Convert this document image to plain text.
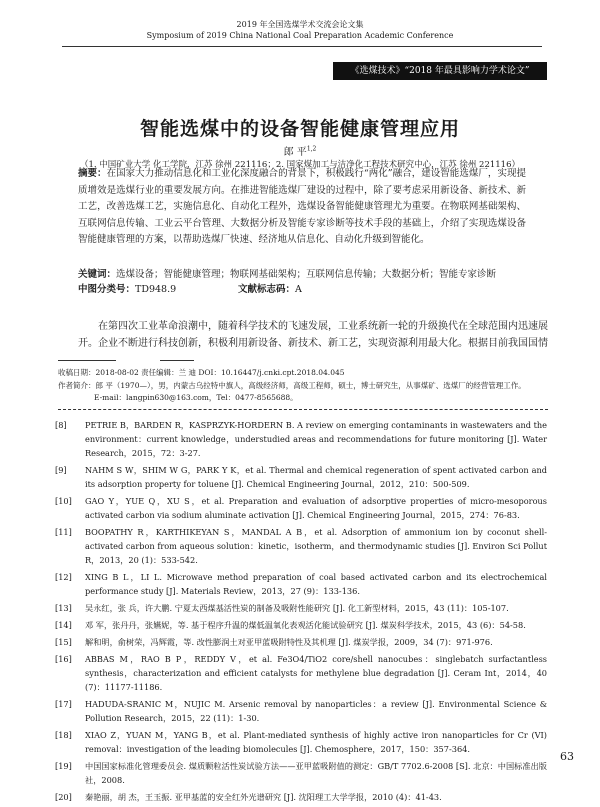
2019 年全国选煤学术交流会论文集
Symposium of 2019 China National Coal Preparation Academic Conference
《选煤技术》“2018 年最具影响力学术论文”
智能选煤中的设备智能健康管理应用
郎 平$^{1,2}$
（1. 中国矿业大学 化工学院，江苏 徐州 221116；2. 国家煤加工与洁净化工程技术研究中心，江苏 徐州 221116）
摘要：在国家大力推动信息化和工业化深度融合的背景下，积极践行“两化”融合，建设智能选煤厂，实现提质增效是选煤行业的重要发展方向。在推进智能选煤厂建设的过程中，除了要考虑采用新设备、新技术、新工艺，改善选煤工艺，实施信息化、自动化工程外，选煤设备智能健康管理尤为重要。在物联网基础架构、互联网信息传输、工业云平台管理、大数据分析及智能专家诊断等技术手段的基础上，介绍了实现选煤设备智能健康管理的方案，以帮助选煤厂快速、经济地从信息化、自动化升级到智能化。
关键词：选煤设备；智能健康管理；物联网基础架构；互联网信息传输；大数据分析；智能专家诊断
中图分类号：TD948.9	文献标志码：A
在第四次工业革命浪潮中，随着科学技术的飞速发展，工业系统新一轮的升级换代在全球范围内迅速展开。企业不断进行科技创新，积极利用新设备、新技术、新工艺，实现资源利用最大化。根据目前我国国情
收稿日期：2018-08-02 责任编辑：兰 迪 DOI：10.16447/j.cnki.cpt.2018.04.045
作者简介：郎 平（1970—），男，内蒙古乌拉特中旗人，高级经济师，高级工程师，硕士，博士研究生，从事煤矿、选煤厂的经营管理工作。
E-mail：langpin630@163.com，Tel：0477-8565688。
[8]	PETRIE B，BARDEN R，KASPRZYK-HORDERN B. A review on emerging contaminants in wastewaters and the environment：current knowledge，understudied areas and recommendations for future monitoring [J]. Water Research，2015，72：3-27.
[9]	NAHM S W，SHIM W G，PARK Y K，et al. Thermal and chemical regeneration of spent activated carbon and its adsorption property for toluene [J]. Chemical Engineering Journal，2012，210：500-509.
[10]	GAO Y，YUE Q，XU S，et al. Preparation and evaluation of adsorptive properties of micro-mesoporous activated carbon via sodium aluminate activation [J]. Chemical Engineering Journal，2015，274：76-83.
[11]	BOOPATHY R，KARTHIKEYAN S，MANDAL A B，et al. Adsorption of ammonium ion by coconut shell-activated carbon from aqueous solution：kinetic，isotherm，and thermodynamic studies [J]. Environ Sci Pollut R，2013，20 (1)：533-542.
[12]	XING B L，LI L. Microwave method preparation of coal based activated carbon and its electrochemical performance study [J]. Materials Review，2013，27 (9)：133-136.
[13]	吴永红，张 兵，许大鹏. 宁夏太西煤基活性炭的制备及吸附性能研究 [J]. 化工新型材料，2015，43 (11)：105-107.
[14]	邓 军，张丹丹，张嬿妮，等. 基于程序升温的煤低温氧化表观活化能试验研究 [J]. 煤炭科学技术，2015，43 (6)：54-58.
[15]	解和明，俞树荣，冯辉霞，等. 改性膨润土对亚甲蓝吸附特性及其机理 [J]. 煤炭学报，2009，34 (7)：971-976.
[16]	ABBAS M，RAO B P，REDDY V，et al. Fe3O4/TiO2 core/shell nanocubes：singlebatch surfactantless synthesis，characterization and efficient catalysts for methylene blue degradation [J]. Ceram Int，2014，40 (7)：11177-11186.
[17]	HADUDA-SRANIC M，NUJIC M. Arsenic removal by nanoparticles：a review [J]. Environmental Science & Pollution Research，2015，22 (11)：1-30.
[18]	XIAO Z，YUAN M，YANG B，et al. Plant-mediated synthesis of highly active iron nanoparticles for Cr (VI) removal：investigation of the leading biomolecules [J]. Chemosphere，2017，150：357-364.
[19]	中国国家标准化管理委员会. 煤质颗粒活性炭试验方法——亚甲蓝吸附值的测定：GB/T 7702.6-2008 [S]. 北京：中国标准出版社，2008.
[20]	秦艳丽，胡 杰，王玉振. 亚甲基蓝的安全红外光谱研究 [J]. 沈阳理工大学学报，2010 (4)：41-43.
63
